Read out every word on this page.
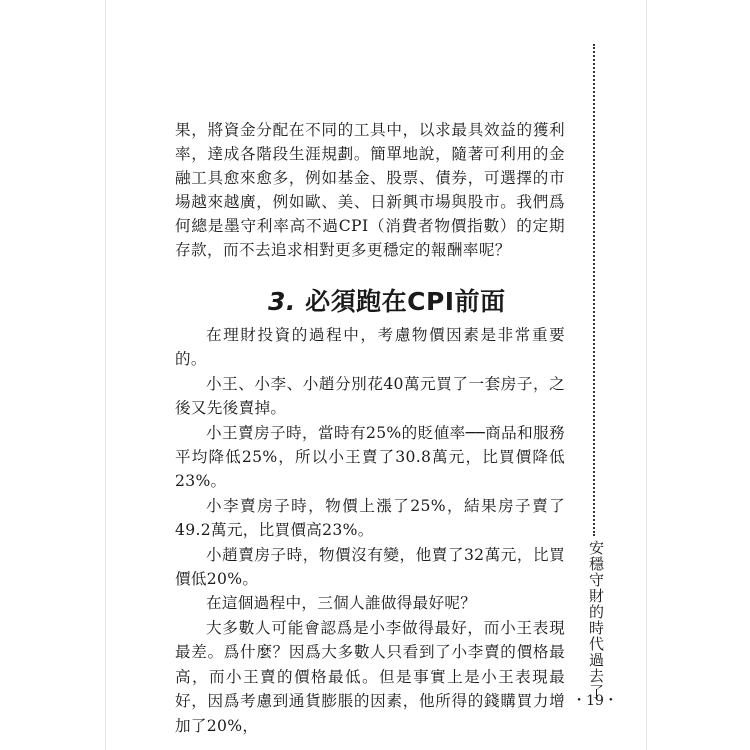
果，將資金分配在不同的工具中，以求最具效益的獲利率，達成各階段生涯規劃。簡單地說，隨著可利用的金融工具愈來愈多，例如基金、股票、債券，可選擇的市場越來越廣，例如歐、美、日新興市場與股市。我們爲何總是墨守利率高不過CPI（消費者物價指數）的定期存款，而不去追求相對更多更穩定的報酬率呢？

3. 必須跑在CPI前面

在理財投資的過程中，考慮物價因素是非常重要的。

小王、小李、小趙分別花40萬元買了一套房子，之後又先後賣掉。

小王賣房子時，當時有25%的貶値率──商品和服務平均降低25%，所以小王賣了30.8萬元，比買價降低23%。

小李賣房子時，物價上漲了25%，結果房子賣了49.2萬元，比買價高23%。

小趙賣房子時，物價沒有變，他賣了32萬元，比買價低20%。

在這個過程中，三個人誰做得最好呢？

大多數人可能會認爲是小李做得最好，而小王表現最差。爲什麼？因爲大多數人只看到了小李賣的價格最高，而小王賣的價格最低。但是事實上是小王表現最好，因爲考慮到通貨膨脹的因素，他所得的錢購買力增加了20%，

安穩守財的時代過去了
・19・
